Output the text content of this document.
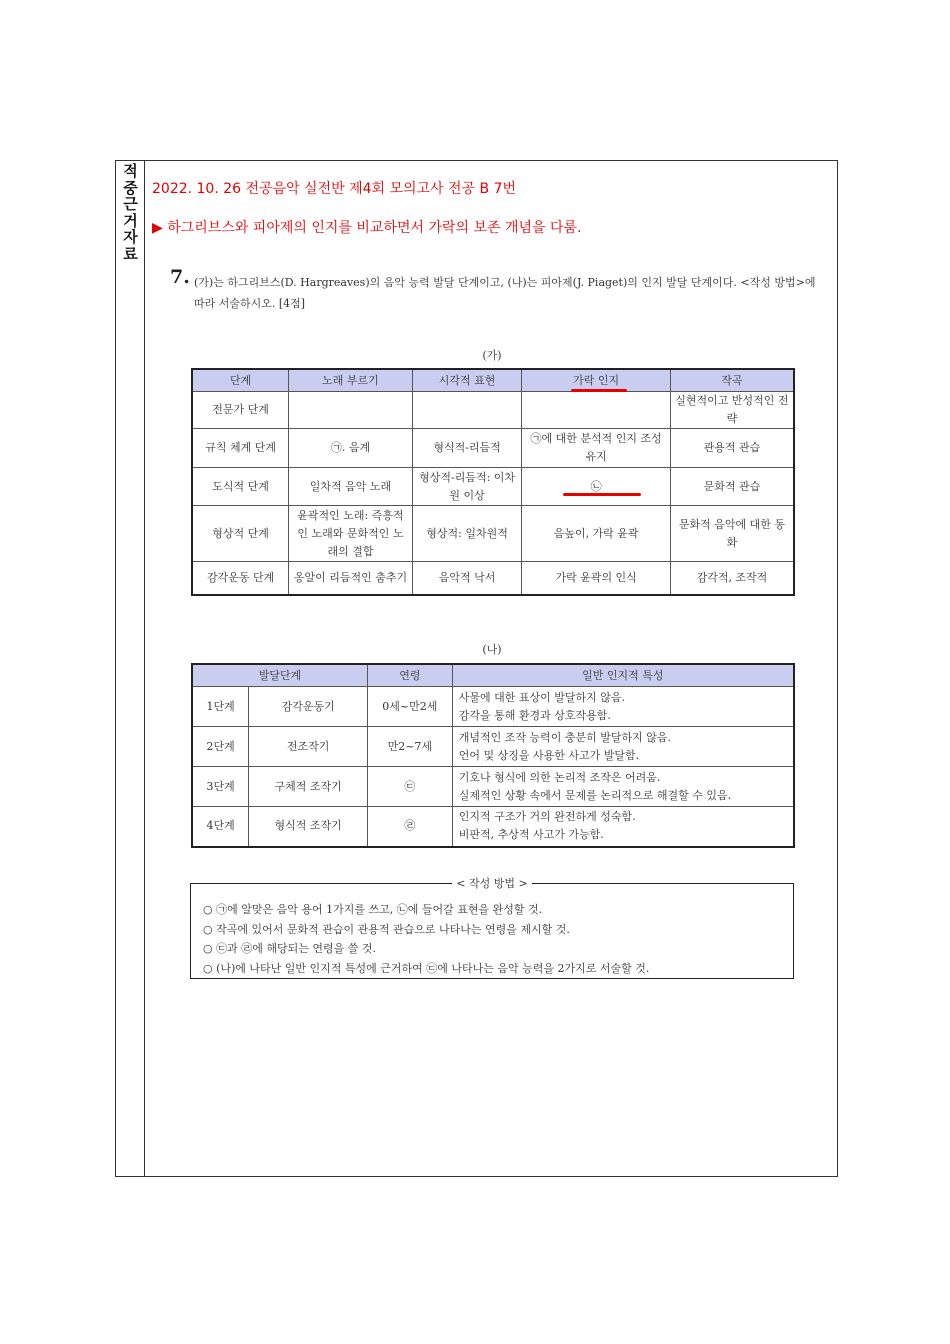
적
중
근
거
자
료
2022. 10. 26 전공음악 실전반 제4회 모의고사 전공 B 7번
▶ 하그리브스와 피아제의 인지를 비교하면서 가락의 보존 개념을 다룸.
7. (가)는 하그리브스(D. Hargreaves)의 음악 능력 발달 단계이고, (나)는 피아제(J. Piaget)의 인지 발달 단계이다. <작성 방법>에 따라 서술하시오. [4점]
(가)
단계	노래 부르기	시각적 표현	가락 인지	작곡
전문가 단계				실현적이고 반성적인 전략
규칙 체계 단계	㉠. 음계	형식적-리듬적	㉠에 대한 분석적 인지 조성 유지	관용적 관습
도식적 단계	일차적 음악 노래	형상적-리듬적: 이차원 이상	㉡	문화적 관습
형상적 단계	윤곽적인 노래: 즉흥적인 노래와 문화적인 노래의 결합	형상적: 일차원적	음높이, 가락 윤곽	문화적 음악에 대한 동화
감각운동 단계	옹알이 리듬적인 춤추기	음악적 낙서	가락 윤곽의 인식	감각적, 조작적
(나)
발달단계		연령	일반 인지적 특성
1단계	감각운동기	0세~만2세	사물에 대한 표상이 발달하지 않음.
감각을 통해 환경과 상호작용함.

2단계	전조작기	만2~7세	개념적인 조작 능력이 충분히 발달하지 않음.
언어 및 상징을 사용한 사고가 발달함.

3단계	구체적 조작기	㉢	기호나 형식에 의한 논리적 조작은 어려움.
실제적인 상황 속에서 문제를 논리적으로 해결할 수 있음.

4단계	형식적 조작기	㉣	인지적 구조가 거의 완전하게 성숙함.
비판적, 추상적 사고가 가능함.
< 작성 방법 >
○ ㉠에 알맞은 음악 용어 1가지를 쓰고, ㉡에 들어갈 표현을 완성할 것.
○ 작곡에 있어서 문화적 관습이 관용적 관습으로 나타나는 연령을 제시할 것.
○ ㉢과 ㉣에 해당되는 연령을 쓸 것.
○ (나)에 나타난 일반 인지적 특성에 근거하여 ㉢에 나타나는 음악 능력을 2가지로 서술할 것.
